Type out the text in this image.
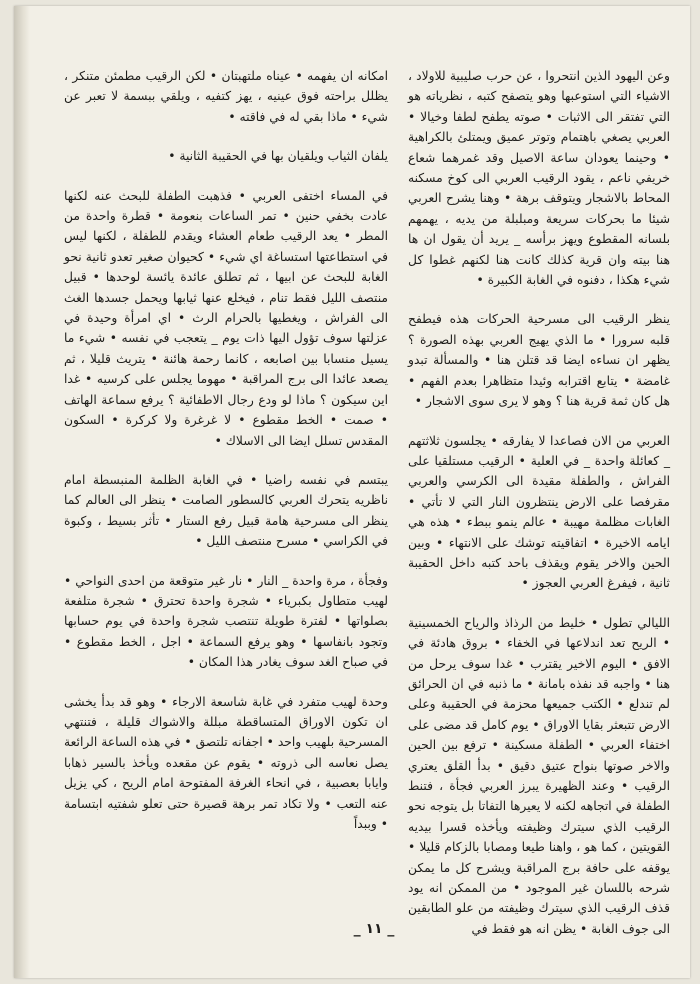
وعن اليهود الذين انتحروا ، عن حرب صليبية للاولاد ، الاشياء التي استوعبها وهو يتصفح كتبه ، نظرياته هو التي تفتقر الى الاثبات • صوته يطفح لطفا وخيالا • العربي يصغي باهتمام وتوتر عميق ويمتلئ بالكراهية • وحينما يعودان ساعة الاصيل وقد غمرهما شعاع خريفي ناعم ، يقود الرقيب العربي الى كوخ مسكنه المحاط بالاشجار ويتوقف برهة • وهنا يشرح العربي شيئا ما بحركات سريعة ومبلبلة من يديه ، يهمهم بلسانه المقطوع ويهز برأسه _ يريد أن يقول ان ها هنا بيته وان قرية كذلك كانت هنا لكنهم غطوا كل شيء هكذا ، دفنوه في الغابة الكبيرة •

ينظر الرقيب الى مسرحية الحركات هذه فيطفح قلبه سرورا • ما الذي يهيج العربي بهذه الصورة ؟ يظهر ان نساءه ايضا قد قتلن هنا • والمسألة تبدو غامضة • يتابع اقترابه وئيدا متظاهرا بعدم الفهم • هل كان ثمة قرية هنا ؟ وهو لا يرى سوى الاشجار •

العربي من الان فصاعدا لا يفارقه • يجلسون ثلاثتهم _ كعائلة واحدة _ في العلية • الرقيب مستلقيا على الفراش ، والطفلة مقيدة الى الكرسي والعربي مقرفصا على الارض ينتظرون النار التي لا تأتي • الغابات مظلمة مهيبة • عالم ينمو ببطء • هذه هي ايامه الاخيرة • اتفاقيته توشك على الانتهاء • وبين الحين والاخر يقوم ويقذف باحد كتبه داخل الحقيبة ثانية ، فيفرغ العربي العجوز •

الليالي تطول • خليط من الرذاذ والرياح الخمسينية • الريح تعد اندلاعها في الخفاء • بروق هادئة في الافق • اليوم الاخير يقترب • غدا سوف يرحل من هنا • واجبه قد نفذه بامانة • ما ذنبه في ان الحرائق لم تندلع • الكتب جميعها محزمة في الحقيبة وعلى الارض تتبعثر بقايا الاوراق • يوم كامل قد مضى على اختفاء العربي • الطفلة مسكينة • ترفع بين الحين والاخر صوتها بنواح عتيق دقيق • بدأ القلق يعتري الرقيب • وعند الظهيرة يبرز العربي فجأة ، فتنط الطفلة في اتجاهه لكنه لا يعيرها التفاتا بل يتوجه نحو الرقيب الذي سيترك وظيفته ويأخذه قسرا بيديه القويتين ، كما هو ، واهنا طيعا ومصابا بالزكام قليلا • يوقفه على حافة برج المراقبة ويشرح كل ما يمكن شرحه باللسان غير الموجود • من الممكن انه يود قذف الرقيب الذي سيترك وظيفته من علو الطابقين الى جوف الغابة • يظن انه هو فقط في

امكانه ان يفهمه • عيناه ملتهبتان • لكن الرقيب مطمئن متنكر ، يظلل براحته فوق عينيه ، يهز كتفيه ، ويلقي ببسمة لا تعبر عن شيء • ماذا بقي له في فاقته •

يلفان الثياب ويلقيان بها في الحقيبة الثانية •

في المساء اختفى العربي • فذهبت الطفلة للبحث عنه لكنها عادت بخفي حنين • تمر الساعات بنعومة • قطرة واحدة من المطر • يعد الرقيب طعام العشاء ويقدم للطفلة ، لكنها ليس في استطاعتها استساغة اي شيء • كحيوان صغير تعدو ثانية نحو الغابة للبحث عن ابيها ، ثم تطلق عائدة يائسة لوحدها • قبيل منتصف الليل فقط تنام ، فيخلع عنها ثيابها ويحمل جسدها الغث الى الفراش ، ويغطيها بالحرام الرث • اي امرأة وحيدة في عزلتها سوف تؤول اليها ذات يوم _ يتعجب في نفسه • شيء ما يسيل منسابا بين اصابعه ، كانما رحمة هائنة • يتريث قليلا ، ثم يصعد عائدا الى برج المراقبة • مهوما يجلس على كرسيه • غدا اين سيكون ؟ ماذا لو ودع رجال الاطفائية ؟ يرفع سماعة الهاتف • صمت • الخط مقطوع • لا غرغرة ولا كركرة • السكون المقدس تسلل ايضا الى الاسلاك •

يبتسم في نفسه راضيا • في الغابة الظلمة المنبسطة امام ناظريه يتحرك العربي كالسطور الصامت • ينظر الى العالم كما ينظر الى مسرحية هامة قبيل رفع الستار • تأثر بسيط ، وكبوة في الكراسي • مسرح منتصف الليل •

وفجأة ، مرة واحدة _ النار • نار غير متوقعة من احدى النواحي • لهيب متطاول بكبرياء • شجرة واحدة تحترق • شجرة متلفعة بصلواتها • لفترة طويلة تنتصب شجرة واحدة في يوم حسابها وتجود بانفاسها • وهو يرفع السماعة • اجل ، الخط مقطوع • في صباح الغد سوف يغادر هذا المكان •

وحدة لهيب متفرد في غابة شاسعة الارجاء • وهو قد بدأ يخشى ان تكون الاوراق المتساقطة مبللة والاشواك قليلة ، فتنتهي المسرحية بلهيب واحد • اجفانه تلتصق • في هذه الساعة الرائعة يصل نعاسه الى ذروته • يقوم عن مقعده ويأخذ بالسير ذهابا وايابا بعصبية ، في انحاء الغرفة المفتوحة امام الريح ، كي يزيل عنه التعب • ولا تكاد تمر برهة قصيرة حتى تعلو شفتيه ابتسامة • وببداً

_ ١١ _
